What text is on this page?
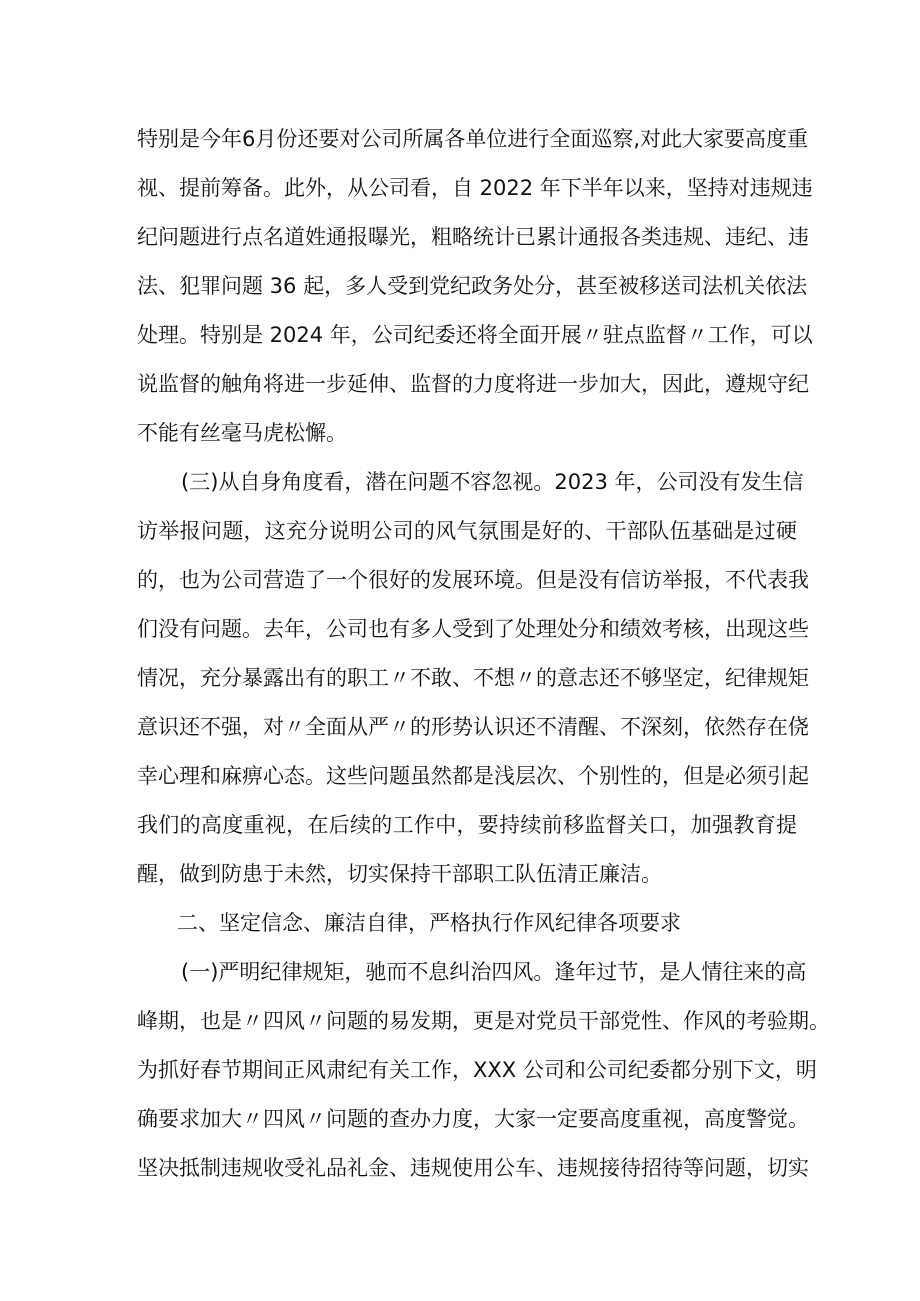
特别是今年6月份还要对公司所属各单位进行全面巡察,对此大家要高度重
视、提前筹备。此外，从公司看，自 2022 年下半年以来，坚持对违规违
纪问题进行点名道姓通报曝光，粗略统计已累计通报各类违规、违纪、违
法、犯罪问题 36 起，多人受到党纪政务处分，甚至被移送司法机关依法
处理。特别是 2024 年，公司纪委还将全面开展〃驻点监督〃工作，可以
说监督的触角将进一步延伸、监督的力度将进一步加大，因此，遵规守纪
不能有丝毫马虎松懈。
(三)从自身角度看，潜在问题不容忽视。2023 年，公司没有发生信
访举报问题，这充分说明公司的风气氛围是好的、干部队伍基础是过硬
的，也为公司营造了一个很好的发展环境。但是没有信访举报，不代表我
们没有问题。去年，公司也有多人受到了处理处分和绩效考核，出现这些
情况，充分暴露出有的职工〃不敢、不想〃的意志还不够坚定，纪律规矩
意识还不强，对〃全面从严〃的形势认识还不清醒、不深刻，依然存在侥
幸心理和麻痹心态。这些问题虽然都是浅层次、个别性的，但是必须引起
我们的高度重视，在后续的工作中，要持续前移监督关口，加强教育提
醒，做到防患于未然，切实保持干部职工队伍清正廉洁。
二、坚定信念、廉洁自律，严格执行作风纪律各项要求
(一)严明纪律规矩，驰而不息纠治四风。逢年过节，是人情往来的高
峰期，也是〃四风〃问题的易发期，更是对党员干部党性、作风的考验期。
为抓好春节期间正风肃纪有关工作，XXX 公司和公司纪委都分别下文，明
确要求加大〃四风〃问题的查办力度，大家一定要高度重视，高度警觉。
坚决抵制违规收受礼品礼金、违规使用公车、违规接待招待等问题，切实
